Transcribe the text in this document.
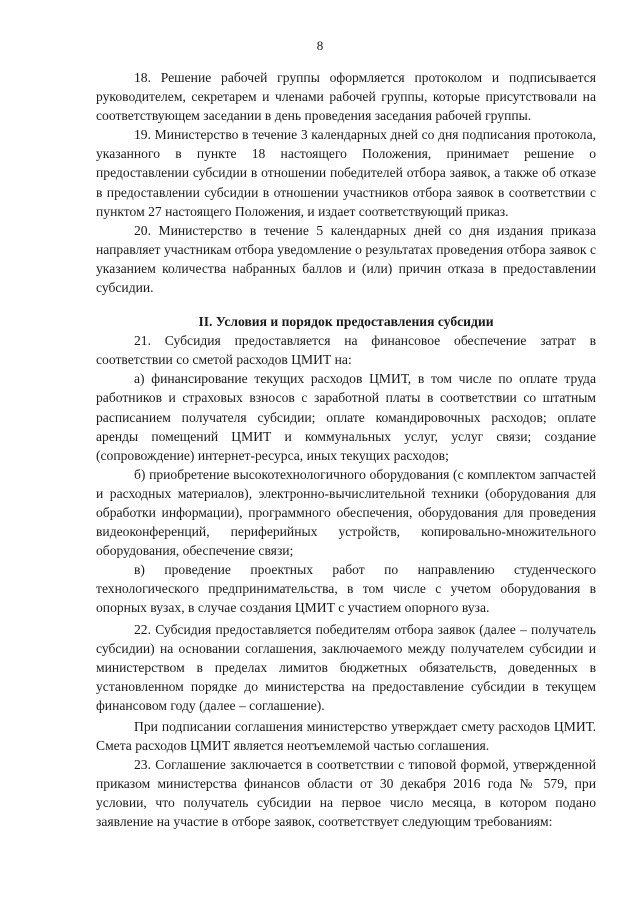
8

18. Решение рабочей группы оформляется протоколом и подписывается руководителем, секретарем и членами рабочей группы, которые присутствовали на соответствующем заседании в день проведения заседания рабочей группы.

19. Министерство в течение 3 календарных дней со дня подписания протокола, указанного в пункте 18 настоящего Положения, принимает решение о предоставлении субсидии в отношении победителей отбора заявок, а также об отказе в предоставлении субсидии в отношении участников отбора заявок в соответствии с пунктом 27 настоящего Положения, и издает соответствующий приказ.

20. Министерство в течение 5 календарных дней со дня издания приказа направляет участникам отбора уведомление о результатах проведения отбора заявок с указанием количества набранных баллов и (или) причин отказа в предоставлении субсидии.

II. Условия и порядок предоставления субсидии

21. Субсидия предоставляется на финансовое обеспечение затрат в соответствии со сметой расходов ЦМИТ на:

а) финансирование текущих расходов ЦМИТ, в том числе по оплате труда работников и страховых взносов с заработной платы в соответствии со штатным расписанием получателя субсидии; оплате командировочных расходов; оплате аренды помещений ЦМИТ и коммунальных услуг, услуг связи; создание (сопровождение) интернет-ресурса, иных текущих расходов;

б) приобретение высокотехнологичного оборудования (с комплектом запчастей и расходных материалов), электронно-вычислительной техники (оборудования для обработки информации), программного обеспечения, оборудования для проведения видеоконференций, периферийных устройств, копировально-множительного оборудования, обеспечение связи;

в) проведение проектных работ по направлению студенческого технологического предпринимательства, в том числе с учетом оборудования в опорных вузах, в случае создания ЦМИТ с участием опорного вуза.

22. Субсидия предоставляется победителям отбора заявок (далее – получатель субсидии) на основании соглашения, заключаемого между получателем субсидии и министерством в пределах лимитов бюджетных обязательств, доведенных в установленном порядке до министерства на предоставление субсидии в текущем финансовом году (далее – соглашение).

При подписании соглашения министерство утверждает смету расходов ЦМИТ. Смета расходов ЦМИТ является неотъемлемой частью соглашения.

23. Соглашение заключается в соответствии с типовой формой, утвержденной приказом министерства финансов области от 30 декабря 2016 года № 579, при условии, что получатель субсидии на первое число месяца, в котором подано заявление на участие в отборе заявок, соответствует следующим требованиям:
